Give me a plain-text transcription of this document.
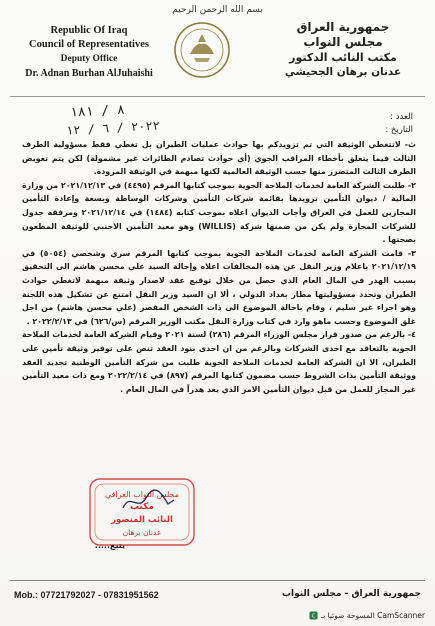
بسم الله الرحمن الرحيم
Republic Of Iraq
Council of Representatives
Deputy Office
Dr. Adnan Burhan AlJuhaishi
جمهورية العراق
مجلس النواب
مكتب النائب الدكتور
عدنان برهان الجحيشي
العدد :
التاريخ :
٨ / ١٨١
٢٠٢٢ / ٦ / ١٢

ث- لاتتغطي الوثيقة التي تم تزويدكم بها حوادث عمليات الطيران بل تغطي فقط مسؤولية الطرف الثالث فيما يتعلق بأخطاء المراقب الجوي (أي حوادث تصادم الطائرات غير مشمولة) لكن يتم تعويض الطرف الثالث المتضرر منها حسب الوثيقة العالمية لكنها مبهمة في الوثيقة المزودة.

٢- طلبت الشركة العامة لخدمات الملاحة الجوية بموجب كتابها المرقم (٤٤٩٥) في ٢٠٢١/١٢/١٣ من وزارة المالية / ديوان التأمين تزويدها بقائمة شركات التأمين وشركات الوساطة وبسعة وإعادة التأمين المجازين للعمل في العراق وأجاب الديوان اعلاه بموجب كتابه (١٤٨٤) في ٢٠٢١/١٢/١٤ ومرفقه جدول للشركات المجازة ولم يكن من ضمنها شركة (WILLIS) وهو معيد التأمين الاجنبي للوثيقة المطعون بصحتها .

٣- قامت الشركة العامة لخدمات الملاحة الجوية بموجب كتابها المرقم سري وشخصي (٥٠٥٤) في ٢٠٢١/١٢/١٩ باعلام وزير النقل عن هذه المخالفات اعلاه وإحالة السيد علي محسن هاشم الى التحقيق بسبب الهدر في المال العام الذي حصل من خلال توقيع عقد لاصدار وثيقة مبهمة لاتغطي حوادث الطيران وتحدد مسؤوليتها مطار بغداد الدولي ، ألا ان السيد وزير النقل امتنع عن تشكيل هذه اللجنة وهو اجراء غير سليم ، وقام باحالة الموضوع الى ذات الشخص المقصر (علي محسن هاشم) من اجل غلق الموضوع وحسب ماهو وارد في كتاب وزارة النقل مكتب الوزير المرقم (س/٦٢٦) في ٢٠٢٢/٢/١٣ .

٤- بالرغم من صدور قرار مجلس الوزراء المرقم (٢٨٦) لسنة ٢٠٢١ وقيام الشركة العامة لخدمات الملاحة الجوية بالتعاقد مع احدى الشركات وبالرغم من ان احدى بنود العقد تنص على توفير وثيقة تأمين على الطيران، الا ان الشركة العامة لخدمات الملاحة الجوية طلبت من شركة التأمين الوطنية تجديد العقد ووثيقة التأمين بذات الشروط حسب مضمون كتابها المرقم (٨٩٧) في ٢٠٢٢/٢/١٤ ومع ذات معيد التأمين غير المجاز للعمل من قبل ديوان التأمين الامر الذي يعد هدراً في المال العام .

مجلس النواب العراقي
مكتب
النائب المنصور
عدنان برهان
يتبع.....
Mob.: 07721792027 - 07831951562	جمهورية العراق - مجلس النواب
CamScanner المسوحة ضوئيا بـ
C
